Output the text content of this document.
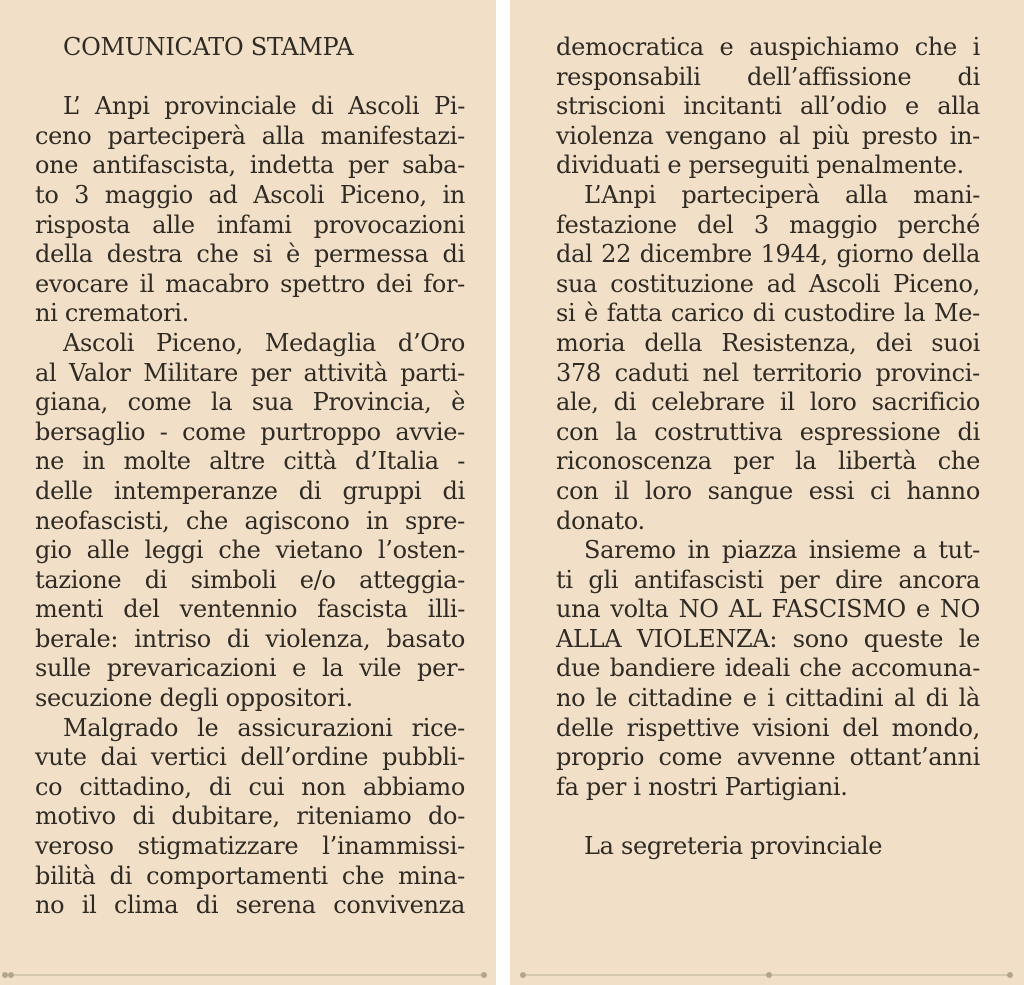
COMUNICATO STAMPA
L’ Anpi provinciale di Ascoli Pi-
ceno parteciperà alla manifestazi-
one antifascista, indetta per saba-
to 3 maggio ad Ascoli Piceno, in
risposta alle infami provocazioni
della destra che si è permessa di
evocare il macabro spettro dei for-
ni crematori.
Ascoli Piceno, Medaglia d’Oro
al Valor Militare per attività parti-
giana, come la sua Provincia, è
bersaglio - come purtroppo avvie-
ne in molte altre città d’Italia -
delle intemperanze di gruppi di
neofascisti, che agiscono in spre-
gio alle leggi che vietano l’osten-
tazione di simboli e/o atteggia-
menti del ventennio fascista illi-
berale: intriso di violenza, basato
sulle prevaricazioni e la vile per-
secuzione degli oppositori.
Malgrado le assicurazioni rice-
vute dai vertici dell’ordine pubbli-
co cittadino, di cui non abbiamo
motivo di dubitare, riteniamo do-
veroso stigmatizzare l’inammissi-
bilità di comportamenti che mina-
no il clima di serena convivenza
democratica e auspichiamo che i
responsabili dell’affissione di
striscioni incitanti all’odio e alla
violenza vengano al più presto in-
dividuati e perseguiti penalmente.
L’Anpi parteciperà alla mani-
festazione del 3 maggio perché
dal 22 dicembre 1944, giorno della
sua costituzione ad Ascoli Piceno,
si è fatta carico di custodire la Me-
moria della Resistenza, dei suoi
378 caduti nel territorio provinci-
ale, di celebrare il loro sacrificio
con la costruttiva espressione di
riconoscenza per la libertà che
con il loro sangue essi ci hanno
donato.
Saremo in piazza insieme a tut-
ti gli antifascisti per dire ancora
una volta NO AL FASCISMO e NO
ALLA VIOLENZA: sono queste le
due bandiere ideali che accomuna-
no le cittadine e i cittadini al di là
delle rispettive visioni del mondo,
proprio come avvenne ottant’anni
fa per i nostri Partigiani.
La segreteria provinciale
